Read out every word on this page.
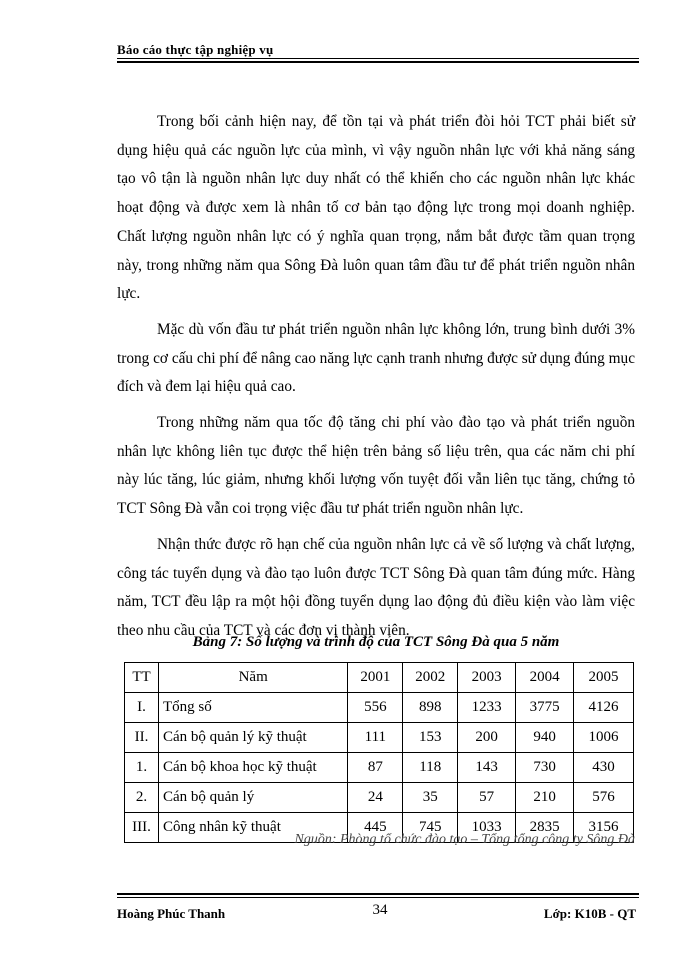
Báo cáo thực tập nghiệp vụ

Trong bối cảnh hiện nay, để tồn tại và phát triển đòi hỏi TCT phải biết sử dụng hiệu quả các nguồn lực của mình, vì vậy nguồn nhân lực với khả năng sáng tạo vô tận là nguồn nhân lực duy nhất có thể khiến cho các nguồn nhân lực khác hoạt động và được xem là nhân tố cơ bản tạo động lực trong mọi doanh nghiệp. Chất lượng nguồn nhân lực có ý nghĩa quan trọng, nắm bắt được tầm quan trọng này, trong những năm qua Sông Đà luôn quan tâm đầu tư để phát triển nguồn nhân lực.

Mặc dù vốn đầu tư phát triển nguồn nhân lực không lớn, trung bình dưới 3% trong cơ cấu chi phí để nâng cao năng lực cạnh tranh nhưng được sử dụng đúng mục đích và đem lại hiệu quả cao.

Trong những năm qua tốc độ tăng chi phí vào đào tạo và phát triển nguồn nhân lực không liên tục được thể hiện trên bảng số liệu trên, qua các năm chi phí này lúc tăng, lúc giảm, nhưng khối lượng vốn tuyệt đối vẫn liên tục tăng, chứng tỏ TCT Sông Đà vẫn coi trọng việc đầu tư phát triển nguồn nhân lực.

Nhận thức được rõ hạn chế của nguồn nhân lực cả về số lượng và chất lượng, công tác tuyển dụng và đào tạo luôn được TCT Sông Đà quan tâm đúng mức. Hàng năm, TCT đều lập ra một hội đồng tuyển dụng lao động đủ điều kiện vào làm việc theo nhu cầu của TCT và các đơn vị thành viên.

Bảng 7: Số lượng và trình độ của TCT Sông Đà qua 5 năm
TT	Năm	2001	2002	2003	2004	2005
I.	Tổng số	556	898	1233	3775	4126
II.	Cán bộ quản lý kỹ thuật	111	153	200	940	1006
1.	Cán bộ khoa học kỹ thuật	87	118	143	730	430
2.	Cán bộ quản lý	24	35	57	210	576
III.	Công nhân kỹ thuật	445	745	1033	2835	3156
Nguồn: Phòng tổ chức đào tạo – Tổng tổng công ty Sông Đà
Hoàng Phúc Thanh	34	Lớp: K10B - QT
